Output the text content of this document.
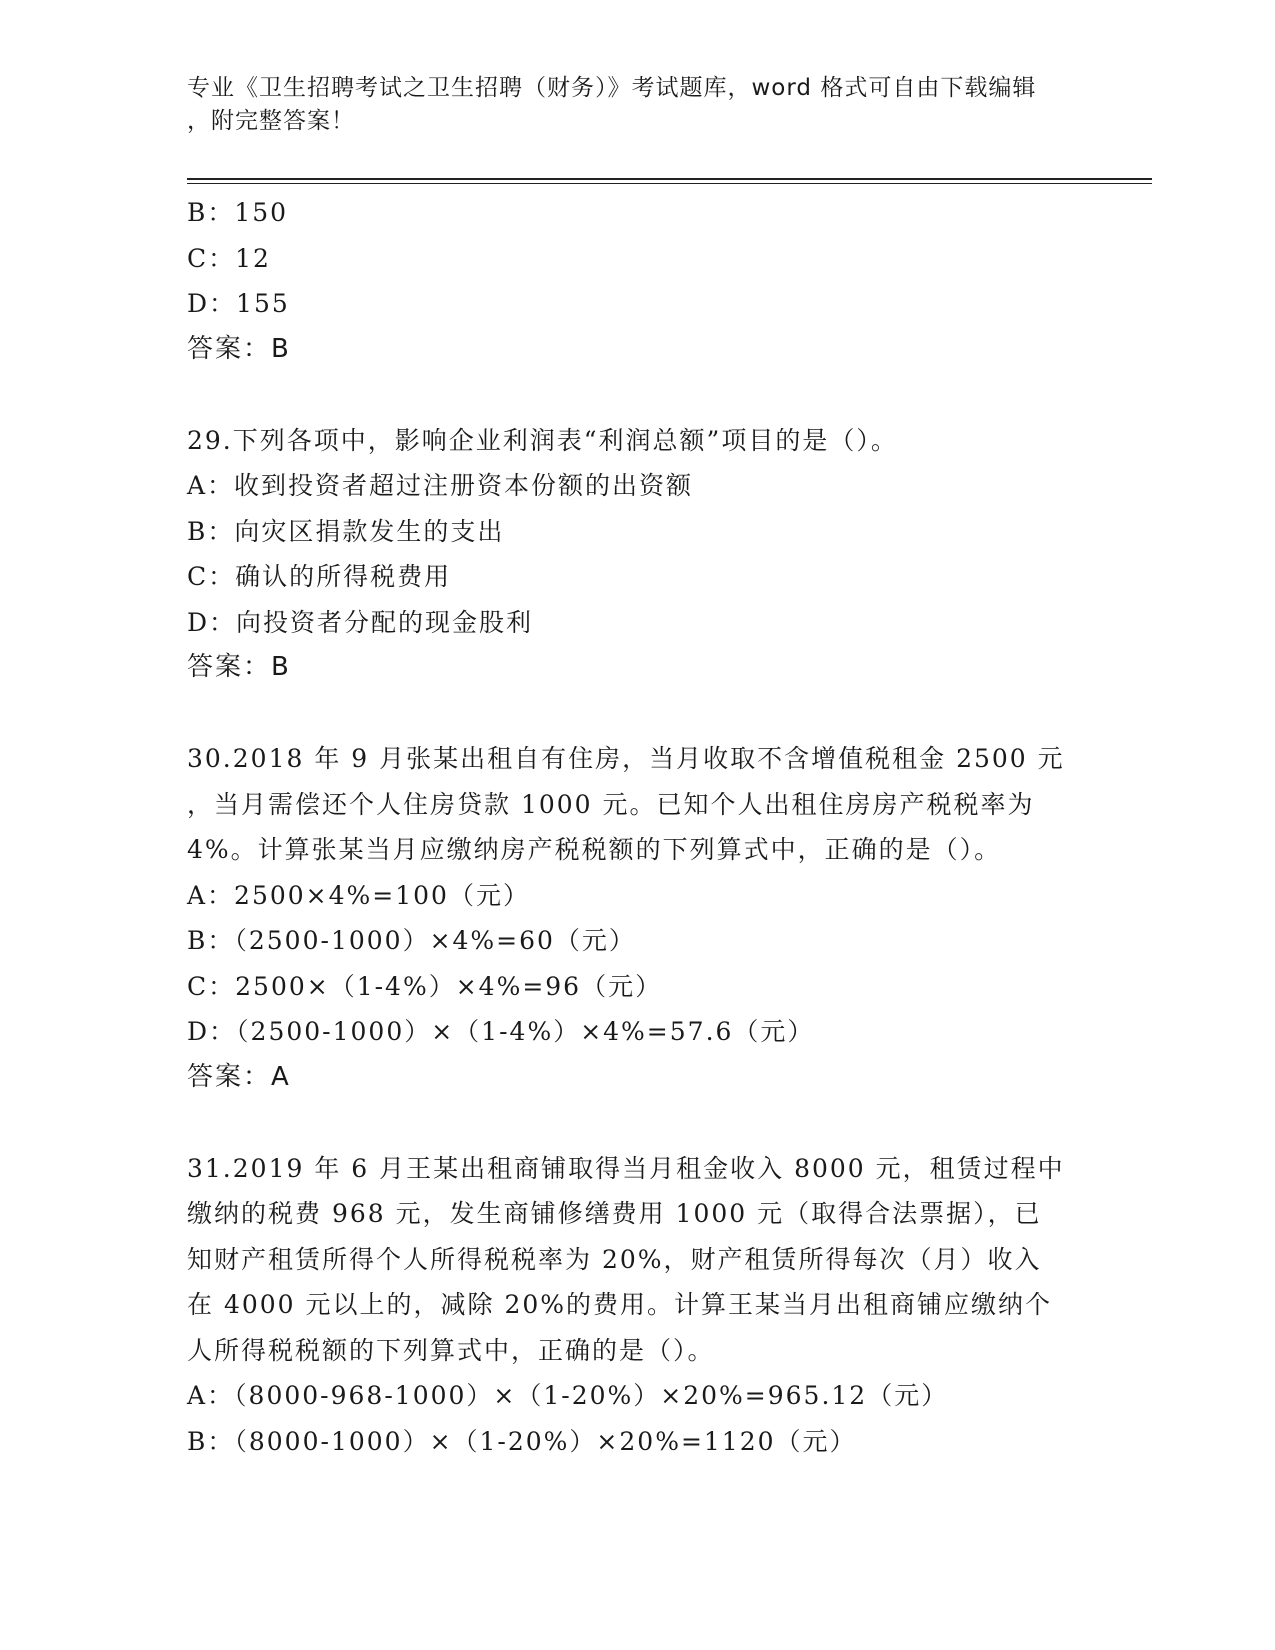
专业《卫生招聘考试之卫生招聘（财务）》考试题库，word 格式可自由下载编辑
，附完整答案！
B：150
C：12
D：155
答案：B
29.下列各项中，影响企业利润表“利润总额”项目的是（）。
A：收到投资者超过注册资本份额的出资额
B：向灾区捐款发生的支出
C：确认的所得税费用
D：向投资者分配的现金股利
答案：B
30.2018 年 9 月张某出租自有住房，当月收取不含增值税租金 2500 元
，当月需偿还个人住房贷款 1000 元。已知个人出租住房房产税税率为
4%。计算张某当月应缴纳房产税税额的下列算式中，正确的是（）。
A：2500×4%=100（元）
B：（2500-1000）×4%=60（元）
C：2500×（1-4%）×4%=96（元）
D：（2500-1000）×（1-4%）×4%=57.6（元）
答案：A
31.2019 年 6 月王某出租商铺取得当月租金收入 8000 元，租赁过程中
缴纳的税费 968 元，发生商铺修缮费用 1000 元（取得合法票据），已
知财产租赁所得个人所得税税率为 20%，财产租赁所得每次（月）收入
在 4000 元以上的，减除 20%的费用。计算王某当月出租商铺应缴纳个
人所得税税额的下列算式中，正确的是（）。
A：（8000-968-1000）×（1-20%）×20%=965.12（元）
B：（8000-1000）×（1-20%）×20%=1120（元）
